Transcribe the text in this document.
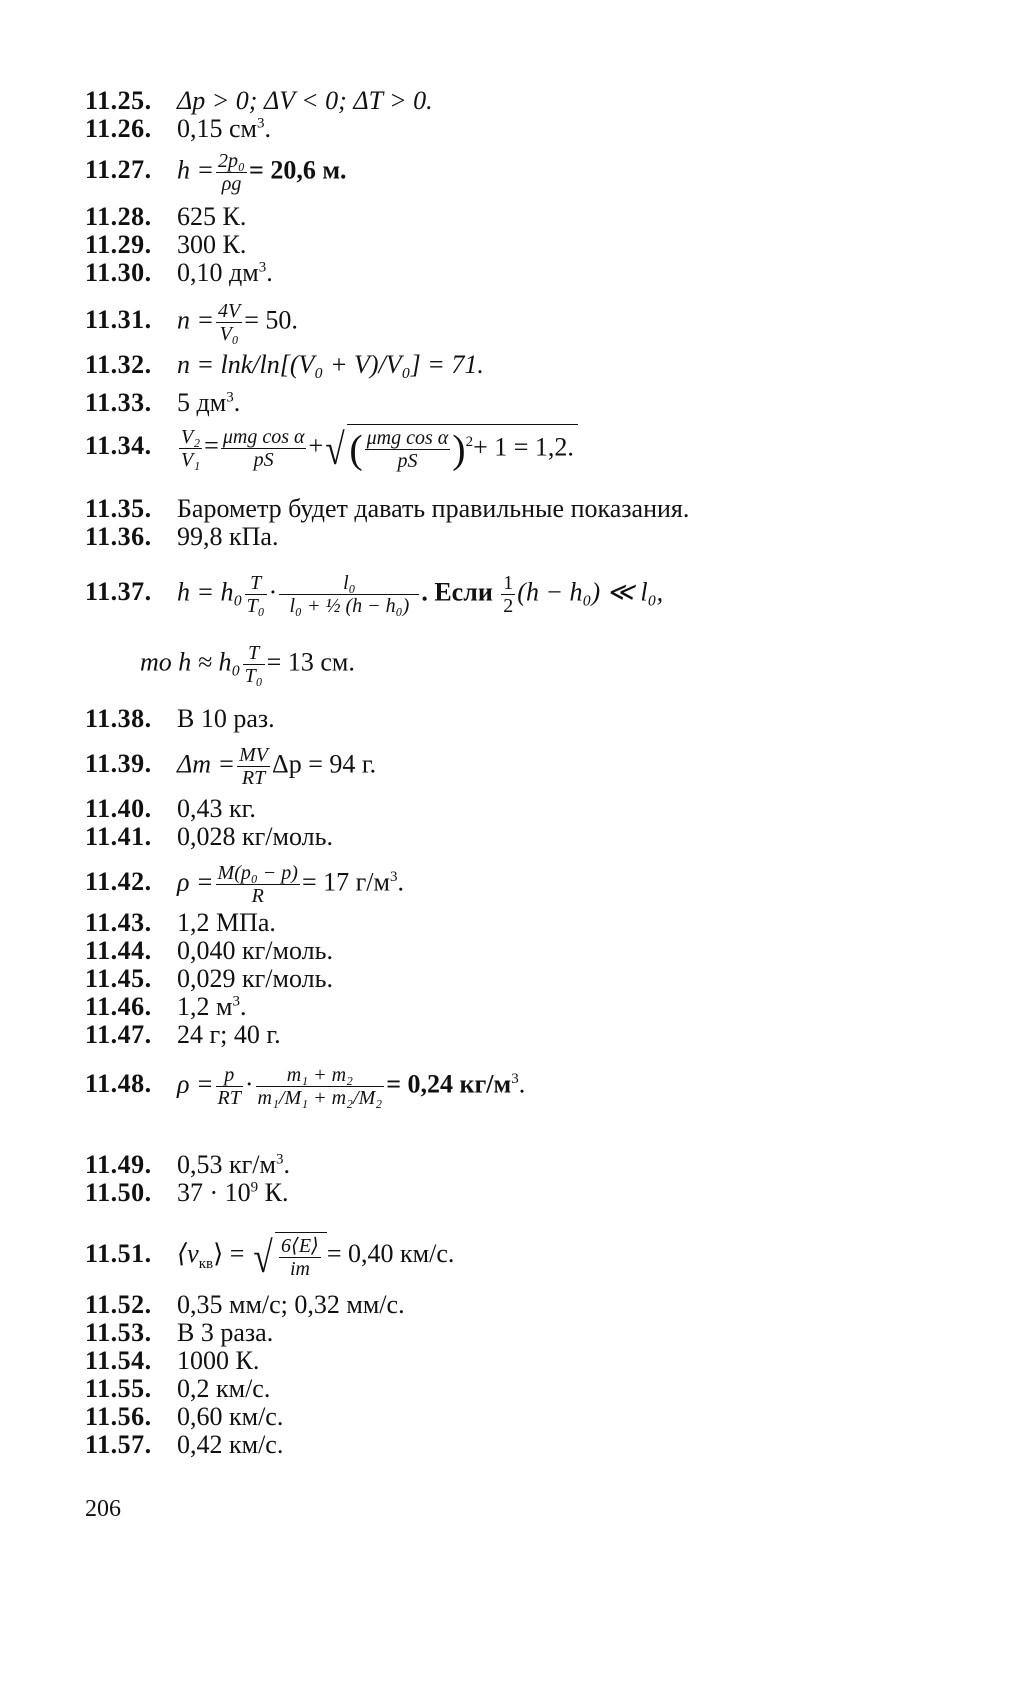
11.25. Δp > 0; ΔV < 0; ΔT > 0.
11.26. 0,15 $см^3$.
11.27. $h = \frac{\text{2p₀}}{\rho g} = 20,6$ м.
11.28. 625 К.
11.29. 300 К.
11.30. 0,10 $дм^3$.
11.31. $n = \frac{4V}{\text{V₀}} = 50$.
11.32. n = lnk/ln[(V₀ + V)/V₀] = 71.
11.33. 5 $дм^3$.
11.34. $\frac{\text{V₂}}{\text{V₁}} = \frac{\text{μmg cos α}}{pS}$ +√ ( $\frac{\text{μmg cos α}}{pS} )^2+ 1 = 1,2$.
11.35. Барометр будет давать правильные показания.
11.36. 99,8 кПа.
11.37. $h = h_0 \frac{T}{\text{T₀}} \cdot \frac{\text{l₀}}{\text{l₀ + ½ (h − h₀)}}$ . Если $\frac{1}{2} (h - h_0)$ ≪ l₀,
то $h \approx h_0 \frac{T}{\text{T₀}} = 13$ см.
11.38. В 10 раз.
11.39. $\Delta m = \frac{MV}{RT}$ Δp = 94 г.
11.40. 0,43 кг.
11.41. 0,028 кг/моль.
11.42. $\rho = \frac{\text{M(p₀ − p)}}{R} = 17$ $г/м^3$.
11.43. 1,2 МПа.
11.44. 0,040 кг/моль.
11.45. 0,029 кг/моль.
11.46. 1,2 $м^3$.
11.47. 24 г; 40 г.
11.48. $\rho = \frac{p}{RT} \cdot \frac{\text{m₁ + m₂}}{\text{m₁/M₁ + m₂/M₂}} = 0,24$ $кг/м^3$.
11.49. 0,53 $кг/м^3$.
11.50. $37 \cdot 10^9$ К.
11.51. $⟨v_{кв}⟩$ = √ $\frac{6⟨E⟩}{im} = 0,40$ км/с.
11.52. 0,35 мм/с; 0,32 мм/с.
11.53. В 3 раза.
11.54. 1000 К.
11.55. 0,2 км/с.
11.56. 0,60 км/с.
11.57. 0,42 км/с.
206
